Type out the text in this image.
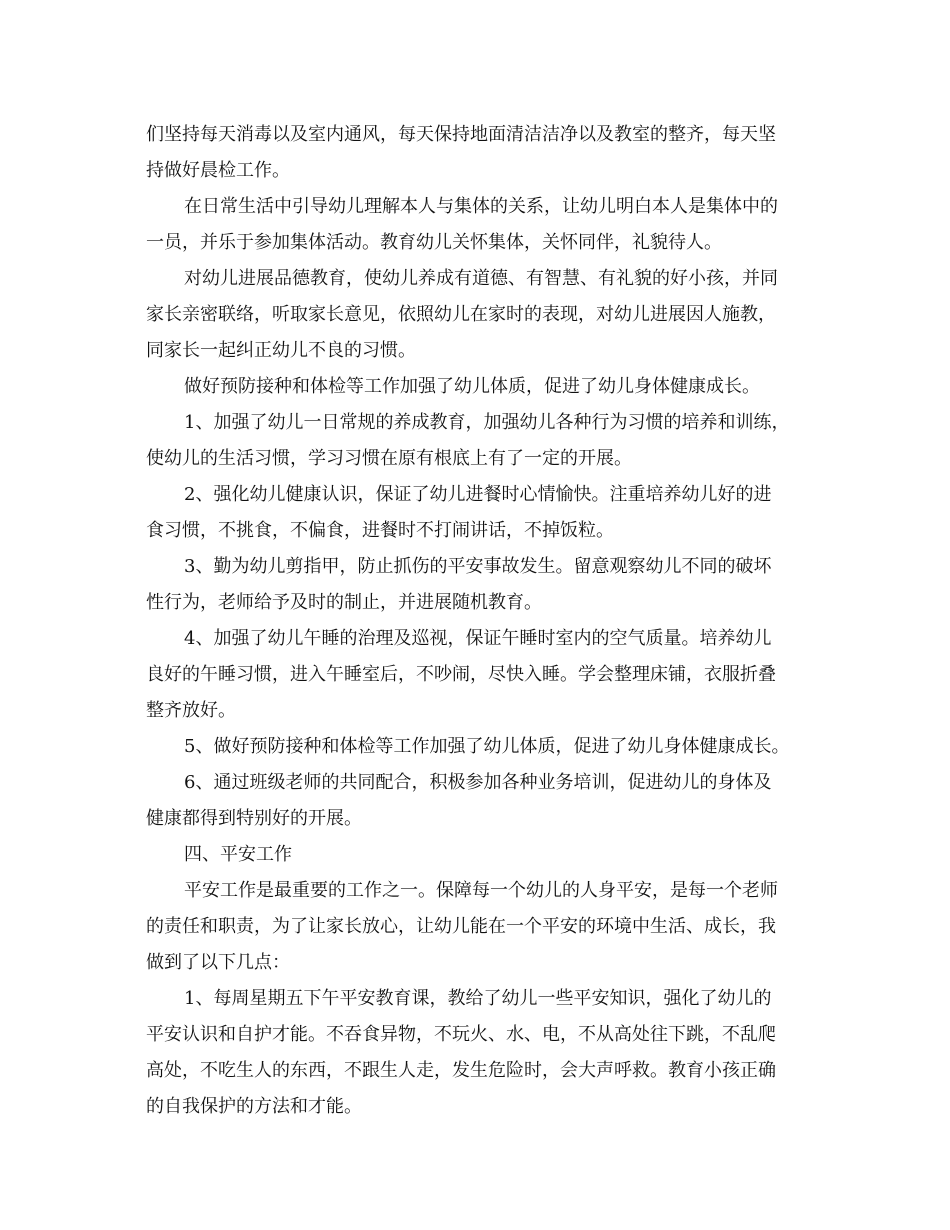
们坚持每天消毒以及室内通风，每天保持地面清洁洁净以及教室的整齐，每天坚

持做好晨检工作。

在日常生活中引导幼儿理解本人与集体的关系，让幼儿明白本人是集体中的

一员，并乐于参加集体活动。教育幼儿关怀集体，关怀同伴，礼貌待人。

对幼儿进展品德教育，使幼儿养成有道德、有智慧、有礼貌的好小孩，并同

家长亲密联络，听取家长意见，依照幼儿在家时的表现，对幼儿进展因人施教，

同家长一起纠正幼儿不良的习惯。

做好预防接种和体检等工作加强了幼儿体质，促进了幼儿身体健康成长。

1、加强了幼儿一日常规的养成教育，加强幼儿各种行为习惯的培养和训练，

使幼儿的生活习惯，学习习惯在原有根底上有了一定的开展。

2、强化幼儿健康认识，保证了幼儿进餐时心情愉快。注重培养幼儿好的进

食习惯，不挑食，不偏食，进餐时不打闹讲话，不掉饭粒。

3、勤为幼儿剪指甲，防止抓伤的平安事故发生。留意观察幼儿不同的破坏

性行为，老师给予及时的制止，并进展随机教育。

4、加强了幼儿午睡的治理及巡视，保证午睡时室内的空气质量。培养幼儿

良好的午睡习惯，进入午睡室后，不吵闹，尽快入睡。学会整理床铺，衣服折叠

整齐放好。

5、做好预防接种和体检等工作加强了幼儿体质，促进了幼儿身体健康成长。

6、通过班级老师的共同配合，积极参加各种业务培训，促进幼儿的身体及

健康都得到特别好的开展。

四、平安工作

平安工作是最重要的工作之一。保障每一个幼儿的人身平安，是每一个老师

的责任和职责，为了让家长放心，让幼儿能在一个平安的环境中生活、成长，我

做到了以下几点：

1、每周星期五下午平安教育课，教给了幼儿一些平安知识，强化了幼儿的

平安认识和自护才能。不吞食异物，不玩火、水、电，不从高处往下跳，不乱爬

高处，不吃生人的东西，不跟生人走，发生危险时，会大声呼救。教育小孩正确

的自我保护的方法和才能。
